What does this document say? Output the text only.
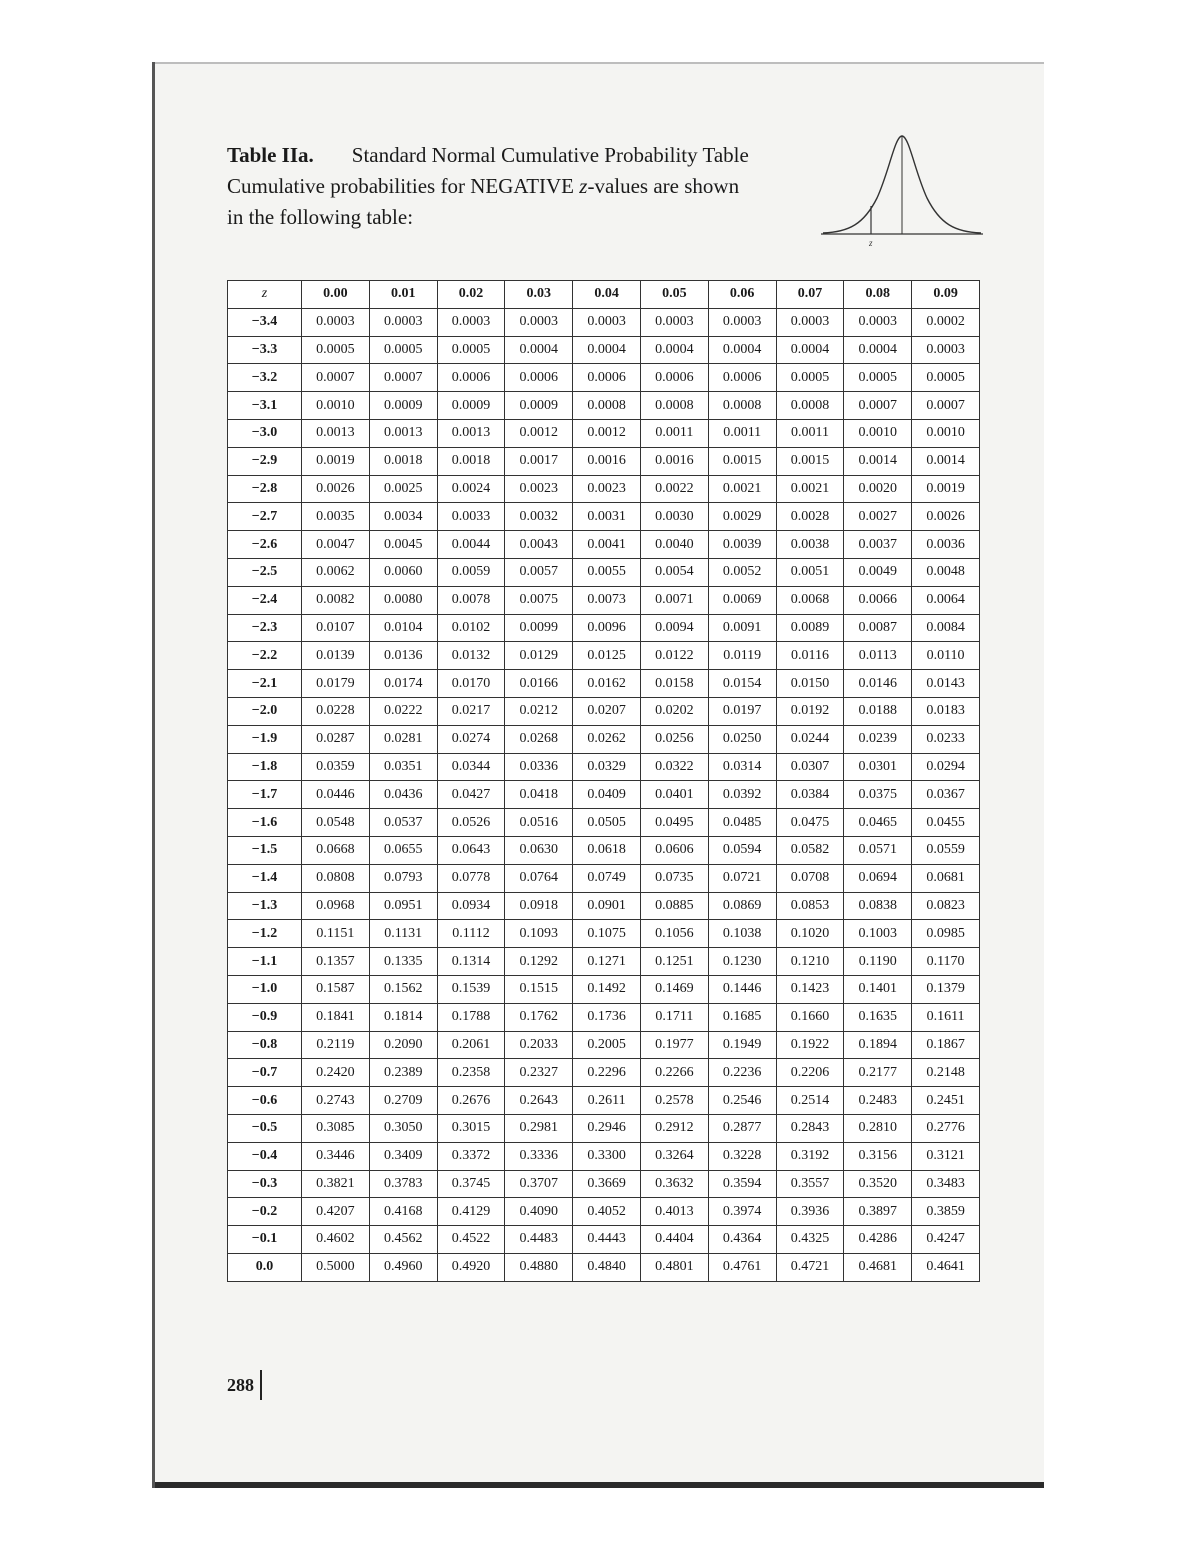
Table IIa. Standard Normal Cumulative Probability Table
Cumulative probabilities for NEGATIVE z-values are shown
in the following table:
z
z	0.00	0.01	0.02	0.03	0.04	0.05	0.06	0.07	0.08	0.09
−3.4	0.0003	0.0003	0.0003	0.0003	0.0003	0.0003	0.0003	0.0003	0.0003	0.0002
−3.3	0.0005	0.0005	0.0005	0.0004	0.0004	0.0004	0.0004	0.0004	0.0004	0.0003
−3.2	0.0007	0.0007	0.0006	0.0006	0.0006	0.0006	0.0006	0.0005	0.0005	0.0005
−3.1	0.0010	0.0009	0.0009	0.0009	0.0008	0.0008	0.0008	0.0008	0.0007	0.0007
−3.0	0.0013	0.0013	0.0013	0.0012	0.0012	0.0011	0.0011	0.0011	0.0010	0.0010
−2.9	0.0019	0.0018	0.0018	0.0017	0.0016	0.0016	0.0015	0.0015	0.0014	0.0014
−2.8	0.0026	0.0025	0.0024	0.0023	0.0023	0.0022	0.0021	0.0021	0.0020	0.0019
−2.7	0.0035	0.0034	0.0033	0.0032	0.0031	0.0030	0.0029	0.0028	0.0027	0.0026
−2.6	0.0047	0.0045	0.0044	0.0043	0.0041	0.0040	0.0039	0.0038	0.0037	0.0036
−2.5	0.0062	0.0060	0.0059	0.0057	0.0055	0.0054	0.0052	0.0051	0.0049	0.0048
−2.4	0.0082	0.0080	0.0078	0.0075	0.0073	0.0071	0.0069	0.0068	0.0066	0.0064
−2.3	0.0107	0.0104	0.0102	0.0099	0.0096	0.0094	0.0091	0.0089	0.0087	0.0084
−2.2	0.0139	0.0136	0.0132	0.0129	0.0125	0.0122	0.0119	0.0116	0.0113	0.0110
−2.1	0.0179	0.0174	0.0170	0.0166	0.0162	0.0158	0.0154	0.0150	0.0146	0.0143
−2.0	0.0228	0.0222	0.0217	0.0212	0.0207	0.0202	0.0197	0.0192	0.0188	0.0183
−1.9	0.0287	0.0281	0.0274	0.0268	0.0262	0.0256	0.0250	0.0244	0.0239	0.0233
−1.8	0.0359	0.0351	0.0344	0.0336	0.0329	0.0322	0.0314	0.0307	0.0301	0.0294
−1.7	0.0446	0.0436	0.0427	0.0418	0.0409	0.0401	0.0392	0.0384	0.0375	0.0367
−1.6	0.0548	0.0537	0.0526	0.0516	0.0505	0.0495	0.0485	0.0475	0.0465	0.0455
−1.5	0.0668	0.0655	0.0643	0.0630	0.0618	0.0606	0.0594	0.0582	0.0571	0.0559
−1.4	0.0808	0.0793	0.0778	0.0764	0.0749	0.0735	0.0721	0.0708	0.0694	0.0681
−1.3	0.0968	0.0951	0.0934	0.0918	0.0901	0.0885	0.0869	0.0853	0.0838	0.0823
−1.2	0.1151	0.1131	0.1112	0.1093	0.1075	0.1056	0.1038	0.1020	0.1003	0.0985
−1.1	0.1357	0.1335	0.1314	0.1292	0.1271	0.1251	0.1230	0.1210	0.1190	0.1170
−1.0	0.1587	0.1562	0.1539	0.1515	0.1492	0.1469	0.1446	0.1423	0.1401	0.1379
−0.9	0.1841	0.1814	0.1788	0.1762	0.1736	0.1711	0.1685	0.1660	0.1635	0.1611
−0.8	0.2119	0.2090	0.2061	0.2033	0.2005	0.1977	0.1949	0.1922	0.1894	0.1867
−0.7	0.2420	0.2389	0.2358	0.2327	0.2296	0.2266	0.2236	0.2206	0.2177	0.2148
−0.6	0.2743	0.2709	0.2676	0.2643	0.2611	0.2578	0.2546	0.2514	0.2483	0.2451
−0.5	0.3085	0.3050	0.3015	0.2981	0.2946	0.2912	0.2877	0.2843	0.2810	0.2776
−0.4	0.3446	0.3409	0.3372	0.3336	0.3300	0.3264	0.3228	0.3192	0.3156	0.3121
−0.3	0.3821	0.3783	0.3745	0.3707	0.3669	0.3632	0.3594	0.3557	0.3520	0.3483
−0.2	0.4207	0.4168	0.4129	0.4090	0.4052	0.4013	0.3974	0.3936	0.3897	0.3859
−0.1	0.4602	0.4562	0.4522	0.4483	0.4443	0.4404	0.4364	0.4325	0.4286	0.4247
0.0	0.5000	0.4960	0.4920	0.4880	0.4840	0.4801	0.4761	0.4721	0.4681	0.4641
288
